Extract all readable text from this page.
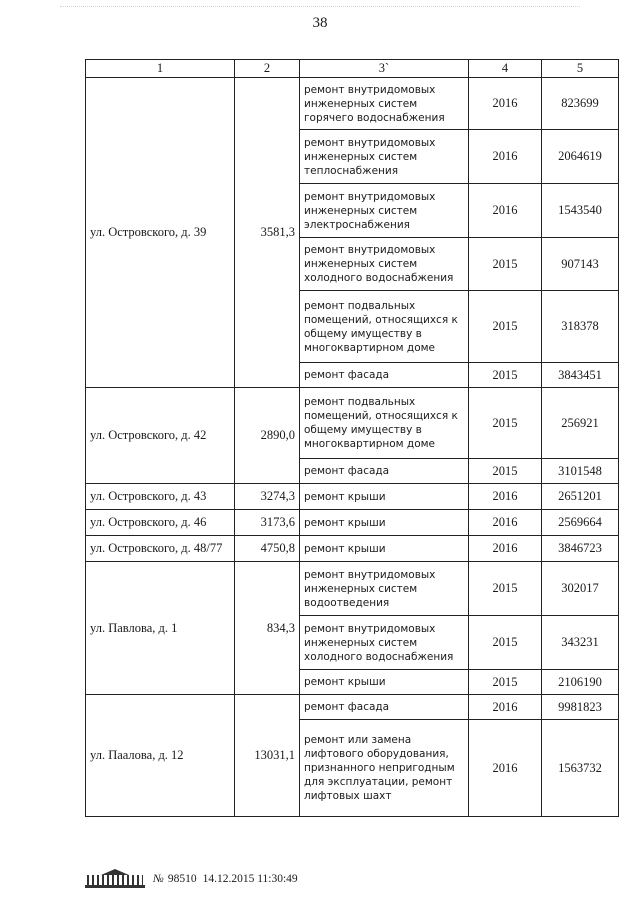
38
1	2	3`	4	5
ул. Островского, д. 39	3581,3	ремонт внутридомовых инженерных систем горячего водоснабжения	2016	823699
		ремонт внутридомовых инженерных систем теплоснабжения	2016	2064619
		ремонт внутридомовых инженерных систем электроснабжения	2016	1543540
		ремонт внутридомовых инженерных систем холодного водоснабжения	2015	907143
		ремонт подвальных помещений, относящихся к общему имуществу в многоквартирном доме	2015	318378
		ремонт фасада	2015	3843451
ул. Островского, д. 42	2890,0	ремонт подвальных помещений, относящихся к общему имуществу в многоквартирном доме	2015	256921
		ремонт фасада	2015	3101548
ул. Островского, д. 43	3274,3	ремонт крыши	2016	2651201
ул. Островского, д. 46	3173,6	ремонт крыши	2016	2569664
ул. Островского, д. 48/77	4750,8	ремонт крыши	2016	3846723
ул. Павлова, д. 1	834,3	ремонт внутридомовых инженерных систем водоотведения	2015	302017
		ремонт внутридомовых инженерных систем холодного водоснабжения	2015	343231
		ремонт крыши	2015	2106190
ул. Паалова, д. 12	13031,1	ремонт фасада	2016	9981823
		ремонт или замена лифтового оборудования, признанного непригодным для эксплуатации, ремонт лифтовых шахт	2016	1563732
№ 98510 14.12.2015 11:30:49
